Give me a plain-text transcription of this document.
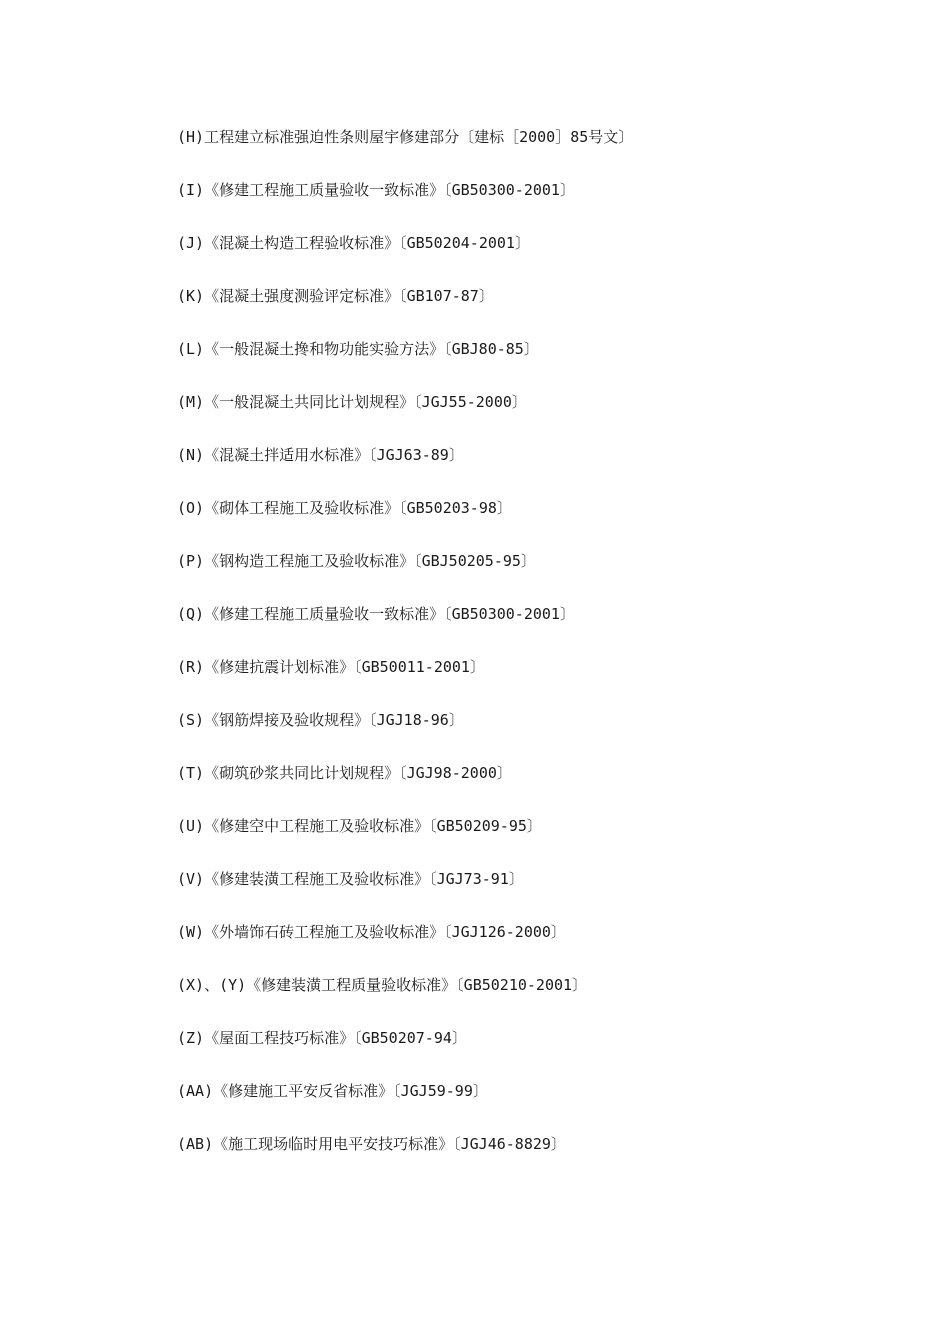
(H)工程建立标准强迫性条则屋宇修建部分〔建标［2000］85号文〕
(I)《修建工程施工质量验收一致标准》〔GB50300-2001〕
(J)《混凝土构造工程验收标准》〔GB50204-2001〕
(K)《混凝土强度测验评定标准》〔GB107-87〕
(L)《一般混凝土搀和物功能实验方法》〔GBJ80-85〕
(M)《一般混凝土共同比计划规程》〔JGJ55-2000〕
(N)《混凝土拌适用水标准》〔JGJ63-89〕
(O)《砌体工程施工及验收标准》〔GB50203-98〕
(P)《钢构造工程施工及验收标准》〔GBJ50205-95〕
(Q)《修建工程施工质量验收一致标准》〔GB50300-2001〕
(R)《修建抗震计划标准》〔GB50011-2001〕
(S)《钢筋焊接及验收规程》〔JGJ18-96〕
(T)《砌筑砂浆共同比计划规程》〔JGJ98-2000〕
(U)《修建空中工程施工及验收标准》〔GB50209-95〕
(V)《修建装潢工程施工及验收标准》〔JGJ73-91〕
(W)《外墙饰石砖工程施工及验收标准》〔JGJ126-2000〕
(X)、(Y)《修建装潢工程质量验收标准》〔GB50210-2001〕
(Z)《屋面工程技巧标准》〔GB50207-94〕
(AA)《修建施工平安反省标准》〔JGJ59-99〕
(AB)《施工现场临时用电平安技巧标准》〔JGJ46-8829〕
